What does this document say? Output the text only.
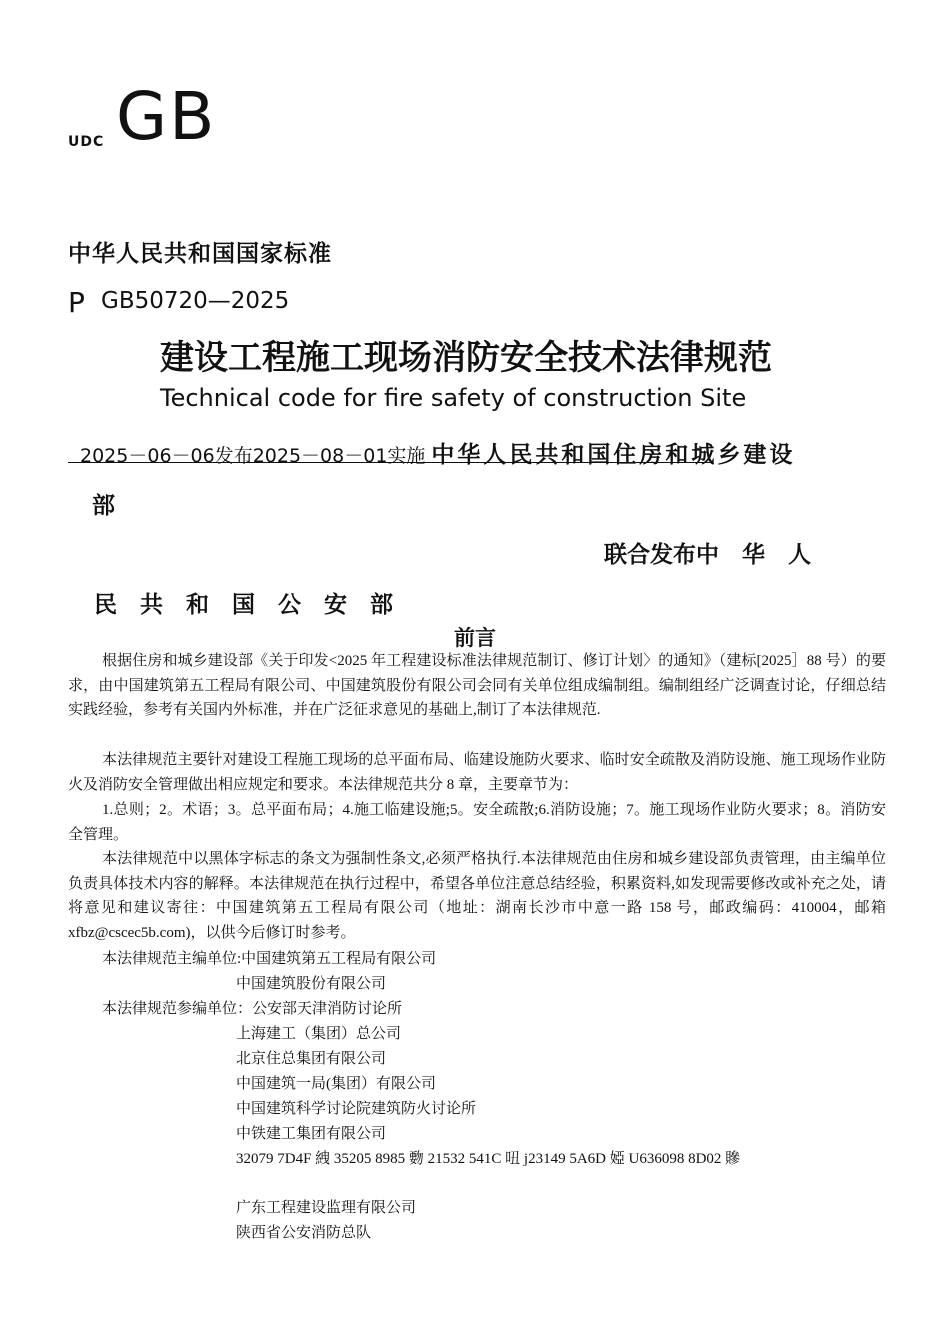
UDC GB
中华人民共和国国家标准
P GB50720—2025
建设工程施工现场消防安全技术法律规范
Technical code for fire safety of construction Site
2025－06－06发布2025－08－01实施 中华人民共和国住房和城乡建设
部
联合发布中　华　人
民　共　和　国　公　安　部
前言
根据住房和城乡建设部《关于印发<2025 年工程建设标准法律规范制订、修订计划〉的通知》（建标[2025］88 号）的要求，由中国建筑第五工程局有限公司、中国建筑股份有限公司会同有关单位组成编制组。编制组经广泛调查讨论，仔细总结实践经验，参考有关国内外标准，并在广泛征求意见的基础上,制订了本法律规范.
本法律规范主要针对建设工程施工现场的总平面布局、临建设施防火要求、临时安全疏散及消防设施、施工现场作业防火及消防安全管理做出相应规定和要求。本法律规范共分 8 章，主要章节为：
1.总则；2。术语；3。总平面布局；4.施工临建设施;5。安全疏散;6.消防设施；7。施工现场作业防火要求；8。消防安全管理。
本法律规范中以黑体字标志的条文为强制性条文,必须严格执行.本法律规范由住房和城乡建设部负责管理，由主编单位负责具体技术内容的解释。本法律规范在执行过程中，希望各单位注意总结经验，积累资料,如发现需要修改或补充之处，请将意见和建议寄往：中国建筑第五工程局有限公司（地址：湖南长沙市中意一路 158 号，邮政编码：410004，邮箱 xfbz@cscec5b.com)，以供今后修订时参考。
本法律规范主编单位:中国建筑第五工程局有限公司
中国建筑股份有限公司
本法律规范参编单位：公安部天津消防讨论所
上海建工（集团）总公司
北京住总集团有限公司
中国建筑一局(集团）有限公司
中国建筑科学讨论院建筑防火讨论所
中铁建工集团有限公司
32079 7D4F 絏 35205 8985 覅 21532 541C 吜 j23149 5A6D 婭 U636098 8D02 贂
广东工程建设监理有限公司
陕西省公安消防总队
